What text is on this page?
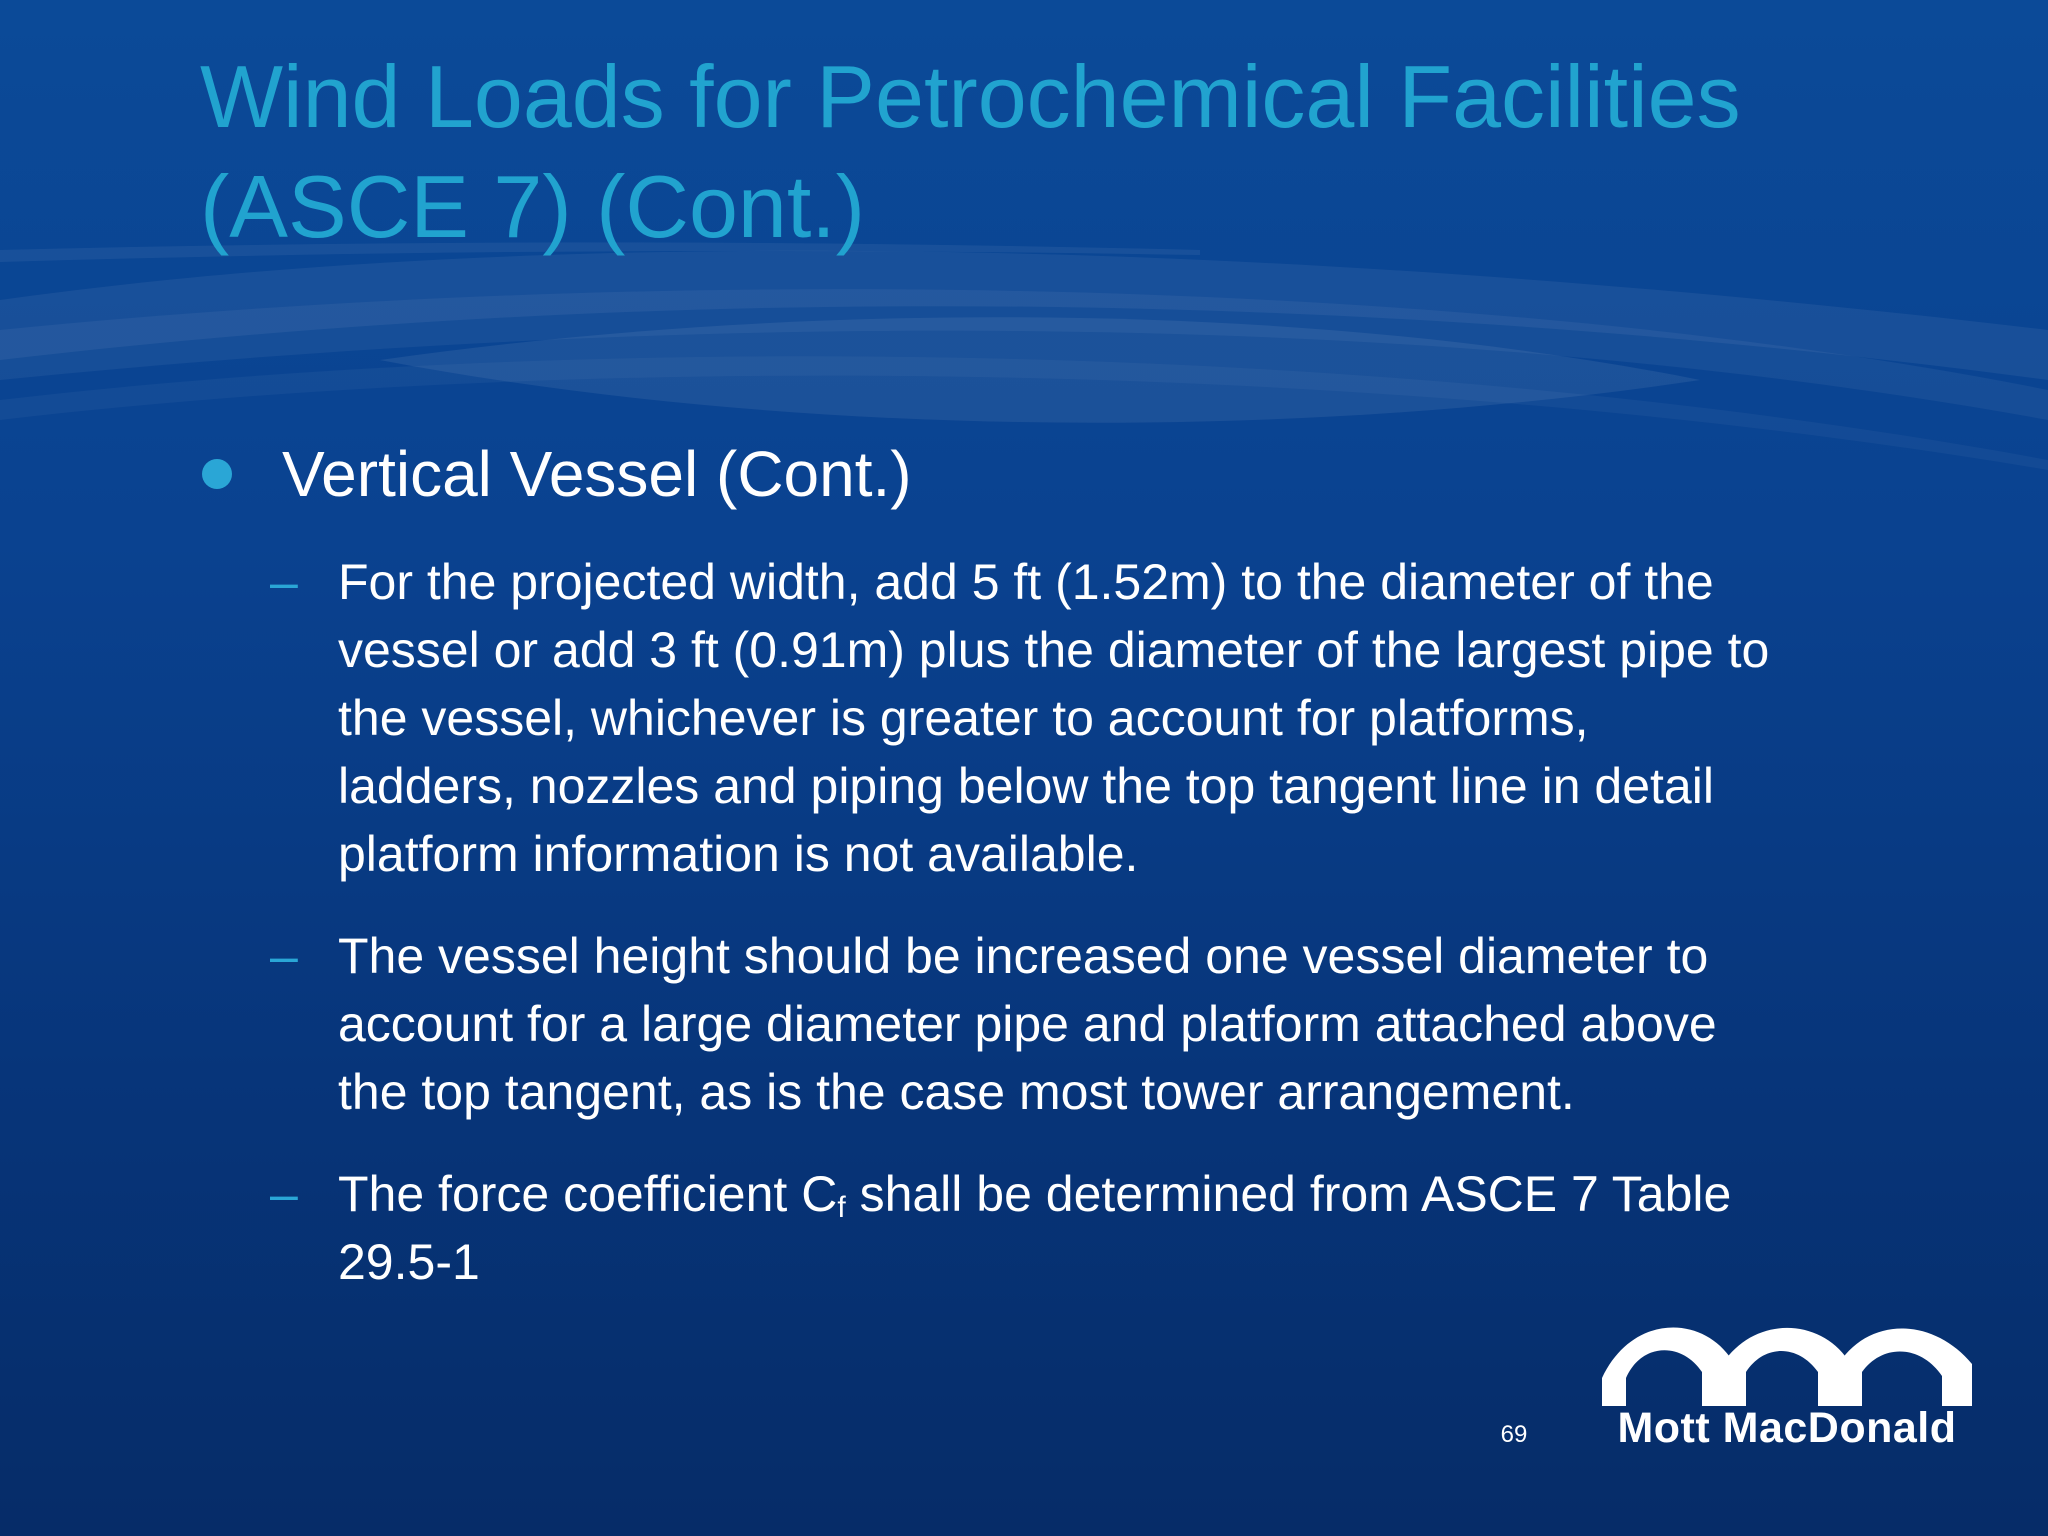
Wind Loads for Petrochemical Facilities
(ASCE 7) (Cont.)
Vertical Vessel (Cont.)
– For the projected width, add 5 ft (1.52m) to the diameter of the
vessel or add 3 ft (0.91m) plus the diameter of the largest pipe to
the vessel, whichever is greater to account for platforms,
ladders, nozzles and piping below the top tangent line in detail
platform information is not available.
– The vessel height should be increased one vessel diameter to
account for a large diameter pipe and platform attached above
the top tangent, as is the case most tower arrangement.
– The force coefficient $C_f$ shall be determined from ASCE 7 Table
29.5-1
69	Mott MacDonald
